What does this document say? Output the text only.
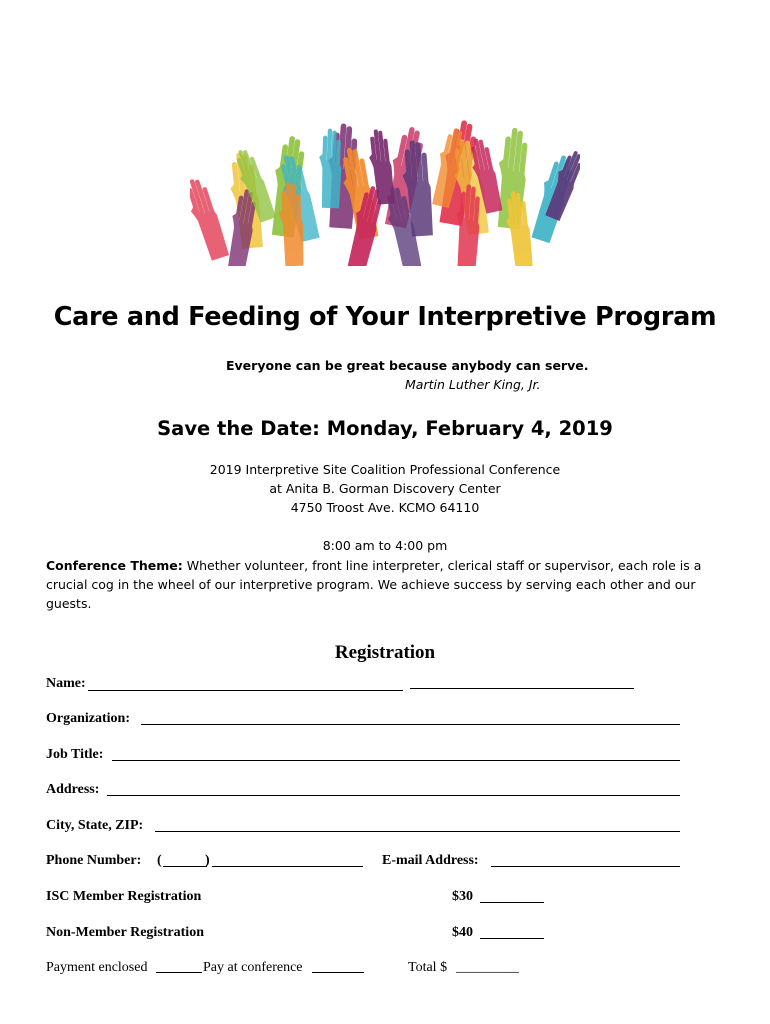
Care and Feeding of Your Interpretive Program
Everyone can be great because anybody can serve.
Martin Luther King, Jr.
Save the Date: Monday, February 4, 2019
2019 Interpretive Site Coalition Professional Conference
at Anita B. Gorman Discovery Center
4750 Troost Ave. KCMO 64110
8:00 am to 4:00 pm
Conference Theme: Whether volunteer, front line interpreter, clerical staff or supervisor, each role is a crucial cog in the wheel of our interpretive program. We achieve success by serving each other and our guests.
Registration
Name:
Organization:
Job Title:
Address:
City, State, ZIP:
Phone Number: (	)	E-mail Address:
ISC Member Registration	$30
Non-Member Registration	$40
Payment enclosed	Pay at conference	Total $ _________
